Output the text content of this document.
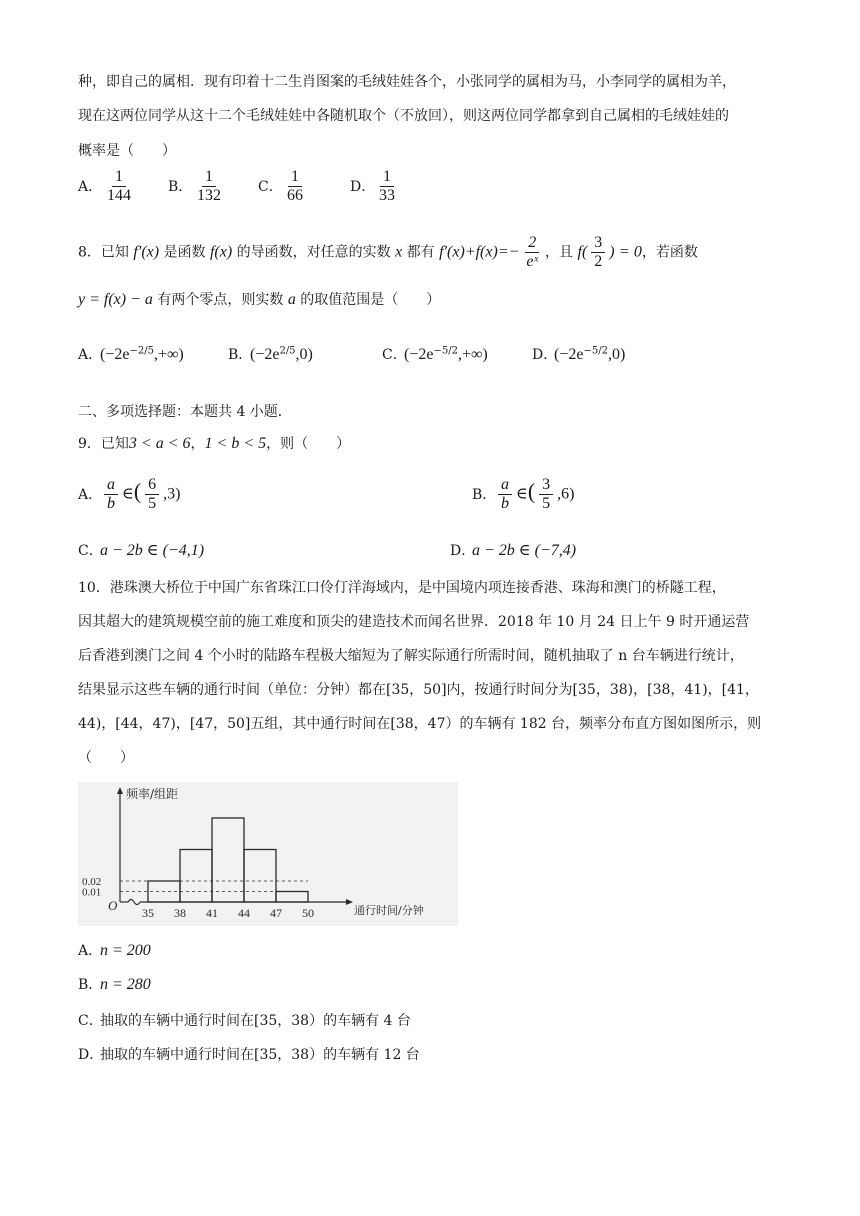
种，即自己的属相．现有印着十二生肖图案的毛绒娃娃各个，小张同学的属相为马，小李同学的属相为羊，
现在这两位同学从这十二个毛绒娃娃中各随机取个（不放回），则这两位同学都拿到自己属相的毛绒娃娃的
概率是（　　）
A． $\frac{1}{144}$ B． $\frac{1}{132}$ C． $\frac{1}{66}$	D． $\frac{1}{33}$
8．已知 f′(x) 是函数 f(x) 的导函数，对任意的实数 x 都有 $f'(x)+f(x)=- \frac{2}{\text{eˣ}}$ ，且 $f( \frac{3}{2}$ ) = 0，若函数
y = f(x) − a 有两个零点，则实数 a 的取值范围是（　　）
A．$(-2e^{-2/5},+\infty)$	B．$(-2e^{2/5},0)$	C．$(-2e^{-5/2},+\infty)$	D．$(-2e^{-5/2},0)$
二、多项选择题：本题共 4 小题．
9．已知3 < a < 6，1 < b < 5，则（　　）
A． $\frac{a}{b}$ ∈( $\frac{6}{5} ,3$)	B． $\frac{a}{b}$ ∈( $\frac{3}{5} ,6$)
C．a − 2b ∈ (−4,1)	D．a − 2b ∈ (−7,4)
10．港珠澳大桥位于中国广东省珠江口伶仃洋海域内，是中国境内项连接香港、珠海和澳门的桥隧工程，
因其超大的建筑规模空前的施工难度和顶尖的建造技术而闻名世界．2018 年 10 月 24 日上午 9 时开通运营
后香港到澳门之间 4 个小时的陆路车程极大缩短为了解实际通行所需时间，随机抽取了 n 台车辆进行统计，
结果显示这些车辆的通行时间（单位：分钟）都在[35，50]内，按通行时间分为[35，38)，[38，41)，[41，
44)，[44，47)，[47，50]五组，其中通行时间在[38，47）的车辆有 182 台，频率分布直方图如图所示，则
（　　）
频率/组距
通行时间/分钟
O
0.02
0.01
35 38 41 44 47 50
A．n = 200
B．n = 280
C．抽取的车辆中通行时间在[35，38）的车辆有 4 台
D．抽取的车辆中通行时间在[35，38）的车辆有 12 台
